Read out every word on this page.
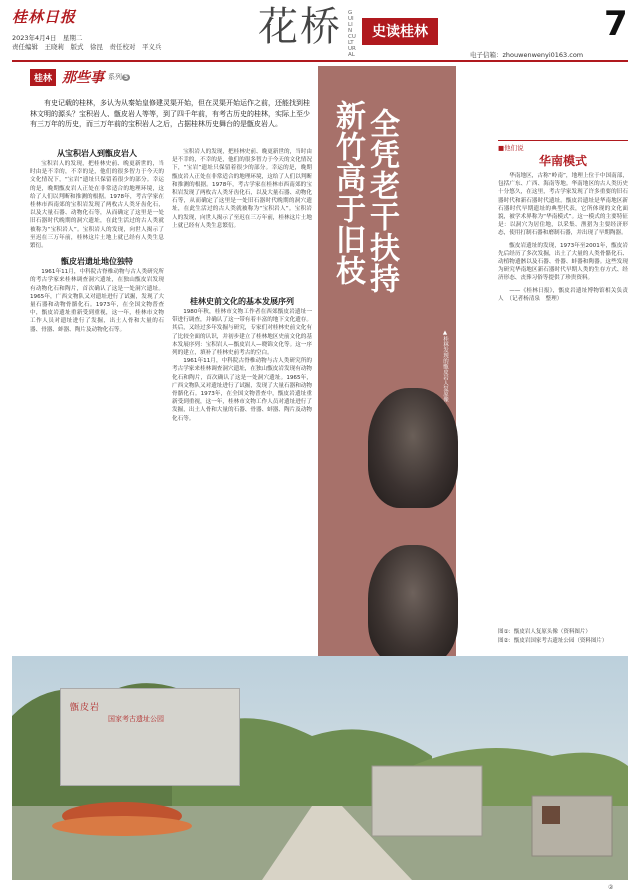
桂林日报
2023年4月4日　星期二
责任编辑　王晓莉　版式　徐昆　责任校对　平义兵	花桥 GUILIN CULTURAL
史读桂林	7
电子信箱：zhouwenwenyi0163.com
桂林 那些事 系列 5
有史记载的桂林，多认为从秦始皇修建灵渠开始，但在灵渠开始运作之前，还能找到桂林文明的源头？宝积岩人、甑皮岩人等等，到了四千年前，有考古历史的桂林，实际上至少有三万年的历史，而三万年前的宝积岩人之后，占据桂林历史舞台的是甑皮岩人。
从宝积岩人到甑皮岩人

宝积岩人的发现，把桂林史前、晚更新世的，当时由是不幸的，不幸的是，他们的很多智力于今天的文化情况下，“宝岩”遗址只保留着很少的部分。幸运的是，晚期甑皮岩人正处在非常适合的地理环境，这给了人们以判断和推测的根据。1978年，考古学家在桂林市西南郊的宝积岩发现了两枚古人类牙齿化石，以及大量石器、动物化石等，从而确定了这里是一处旧石器时代晚期的洞穴遗址，在此生活过的古人类就被称为“宝积岩人”。宝积岩人的发现，向世人揭示了至迟在三万年前，桂林这片土地上就已经有人类生息繁衍。

甑皮岩遗址地位独特

1961年11月，中科院古脊椎动物与古人类研究所的考古学家来桂林调查洞穴遗址，在独山甑皮岩发现有动物化石和陶片，首次确认了这是一处洞穴遗址。1965年，广西文物队又对遗址进行了试掘，发现了大量石器和动物骨骼化石。1973年，在全国文物普查中，甑皮岩遗址重新受到重视，这一年，桂林市文物工作人员对遗址进行了发掘，出土人骨和大量的石器、骨器、蚌器、陶片及动物化石等。

宝积岩人的发现，把桂林史前、晚更新世的，当时由是不幸的，不幸的是，他们的很多智力于今天的文化情况下，“宝岩”遗址只保留着很少的部分。幸运的是，晚期甑皮岩人正处在非常适合的地理环境，这给了人们以判断和推测的根据。1978年，考古学家在桂林市西南郊的宝积岩发现了两枚古人类牙齿化石，以及大量石器、动物化石等，从而确定了这里是一处旧石器时代晚期的洞穴遗址，在此生活过的古人类就被称为“宝积岩人”。宝积岩人的发现，向世人揭示了至迟在三万年前，桂林这片土地上就已经有人类生息繁衍。

桂林史前文化的基本发展序列

1980年秋，桂林市文物工作者在西郊甑皮岩遗址一带进行调查，并确认了这一带有着丰富的地下文化遗存。其后，又经过多年发掘与研究，专家们对桂林史前文化有了比较全面的认识，并初步建立了桂林地区史前文化的基本发展序列：宝积岩人—甑皮岩人—晓锦文化等。这一序列的建立，填补了桂林史前考古的空白。

1961年11月，中科院古脊椎动物与古人类研究所的考古学家来桂林调查洞穴遗址，在独山甑皮岩发现有动物化石和陶片，首次确认了这是一处洞穴遗址。1965年，广西文物队又对遗址进行了试掘，发现了大量石器和动物骨骼化石。1973年，在全国文物普查中，甑皮岩遗址重新受到重视，这一年，桂林市文物工作人员对遗址进行了发掘，出土人骨和大量的石器、骨器、蚌器、陶片及动物化石等。

全凭老干扶持
新竹高于旧枝
▲桂林发现的甑皮岩人复原像
■他们说
华南模式

华南地区，古称“岭南”，地理上位于中国南部，包括广东、广西、海南等地。华南地区的古人类历史十分悠久，在这里，考古学家发现了许多重要的旧石器时代和新石器时代遗址。甑皮岩遗址是华南地区新石器时代早期遗址的典型代表，它所体现的文化面貌，被学术界称为“华南模式”。这一模式的主要特征是：以洞穴为居住地，以采集、渔猎为主要经济形态，使用打制石器和磨制石器，并出现了早期陶器。

甑皮岩遗址的发现，1973年至2001年，甑皮岩先后经历了多次发掘，出土了大量的人类骨骼化石、动植物遗骸以及石器、骨器、蚌器和陶器。这些发现为研究华南地区新石器时代早期人类的生存方式、经济形态、丧葬习俗等提供了珍贵资料。

——《桂林日报》，甑皮岩遗址博物馆相关负责人　（记者杨清泉　整理）

图①：甑皮岩人复原头像（资料图片）
图②：甑皮岩国家考古遗址公园（资料图片）
甑皮岩
国家考古遗址公园
②
